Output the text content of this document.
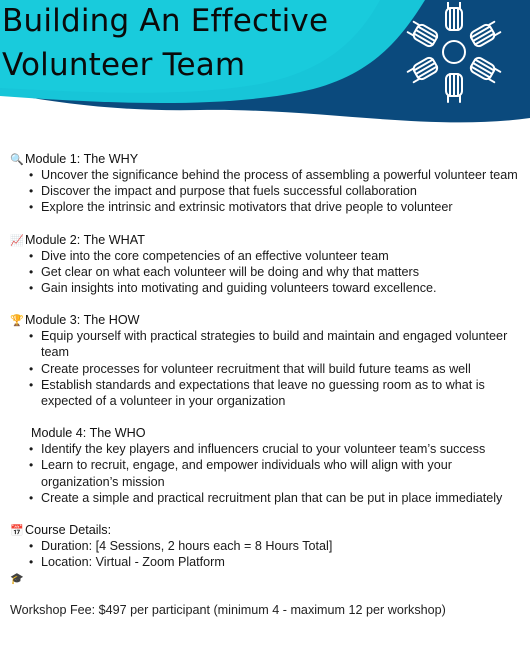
Building An Effective
Volunteer Team
🔍Module 1: The WHY
• Uncover the significance behind the process of assembling a powerful volunteer team
• Discover the impact and purpose that fuels successful collaboration
• Explore the intrinsic and extrinsic motivators that drive people to volunteer
📈Module 2: The WHAT
• Dive into the core competencies of an effective volunteer team
• Get clear on what each volunteer will be doing and why that matters
• Gain insights into motivating and guiding volunteers toward excellence.
🏆Module 3: The HOW
• Equip yourself with practical strategies to build and maintain and engaged volunteer team
• Create processes for volunteer recruitment that will build future teams as well
• Establish standards and expectations that leave no guessing room as to what is expected of a volunteer in your organization
Module 4: The WHO
• Identify the key players and influencers crucial to your volunteer team’s success
• Learn to recruit, engage, and empower individuals who will align with your organization’s mission
• Create a simple and practical recruitment plan that can be put in place immediately
📅Course Details:
• Duration: [4 Sessions, 2 hours each = 8 Hours Total]
• Location: Virtual - Zoom Platform
🎓
Workshop Fee: $497 per participant (minimum 4 - maximum 12 per workshop)
